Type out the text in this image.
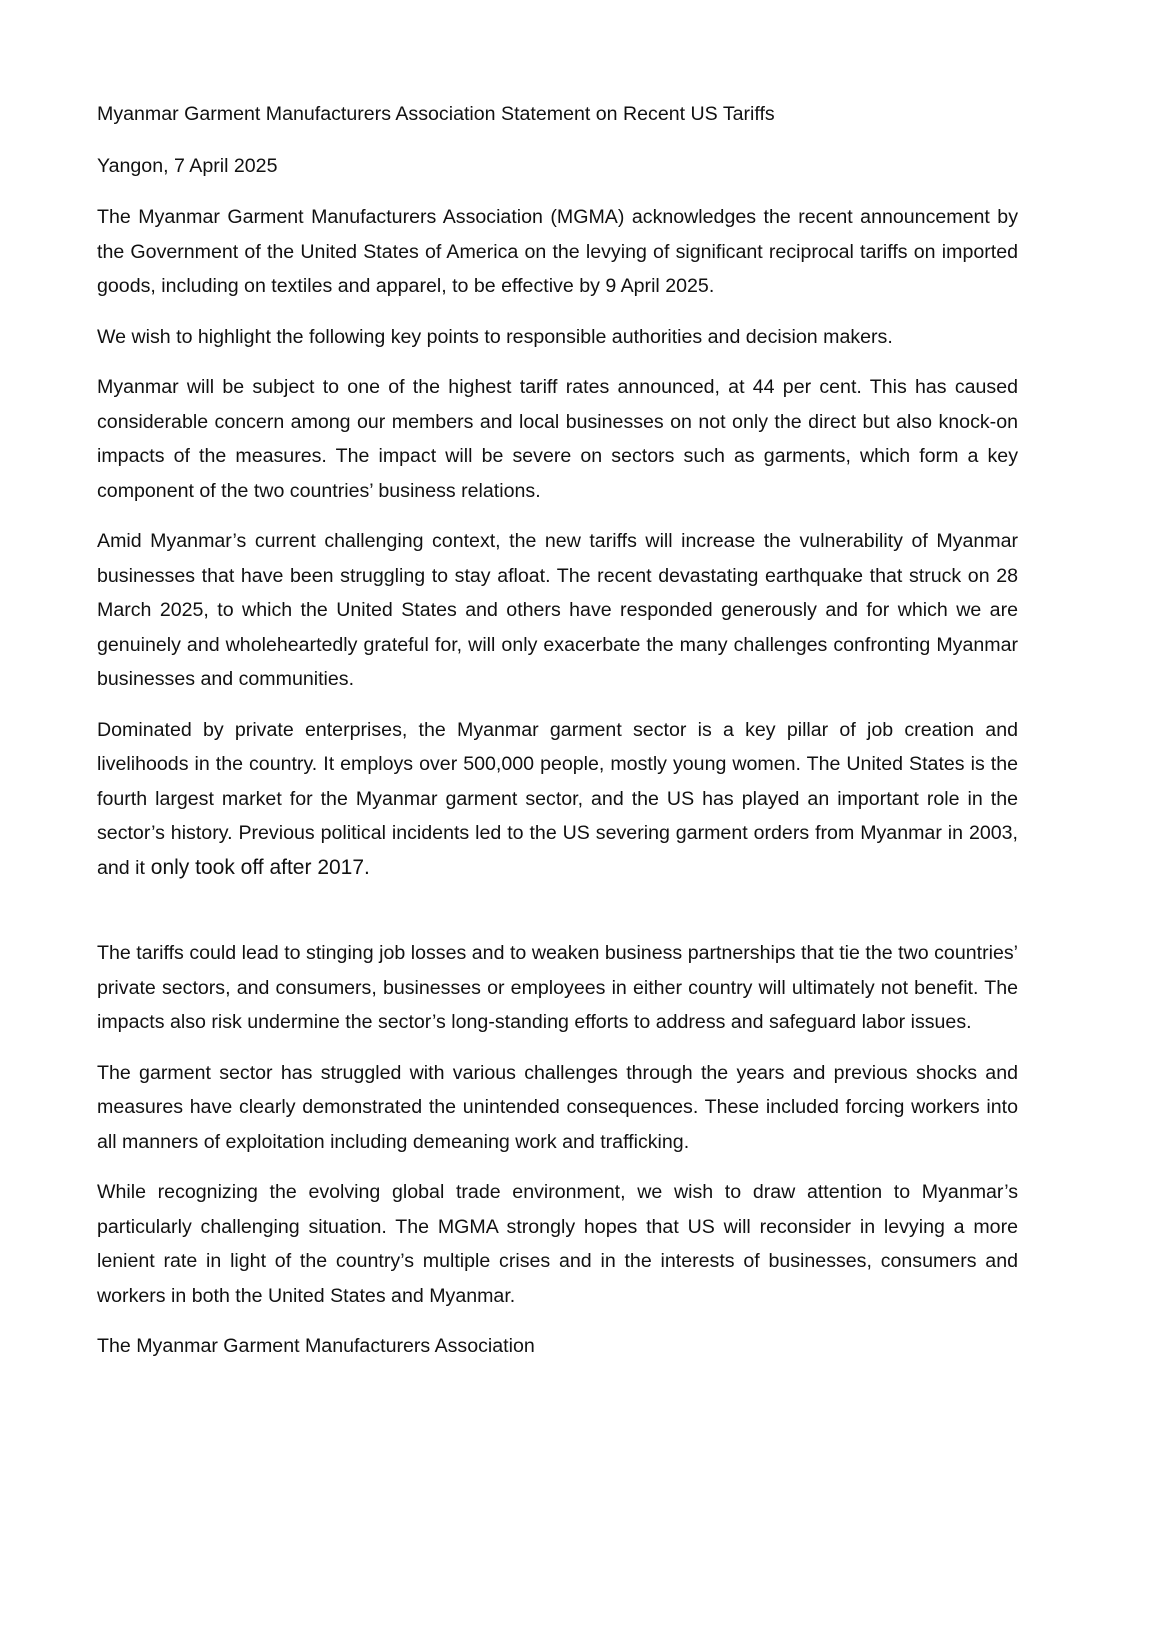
Myanmar Garment Manufacturers Association Statement on Recent US Tariffs

Yangon, 7 April 2025

The Myanmar Garment Manufacturers Association (MGMA) acknowledges the recent announcement by the Government of the United States of America on the levying of significant reciprocal tariffs on imported goods, including on textiles and apparel, to be effective by 9 April 2025.

We wish to highlight the following key points to responsible authorities and decision makers.

Myanmar will be subject to one of the highest tariff rates announced, at 44 per cent. This has caused considerable concern among our members and local businesses on not only the direct but also knock-on impacts of the measures. The impact will be severe on sectors such as garments, which form a key component of the two countries’ business relations.

Amid Myanmar’s current challenging context, the new tariffs will increase the vulnerability of Myanmar businesses that have been struggling to stay afloat. The recent devastating earthquake that struck on 28 March 2025, to which the United States and others have responded generously and for which we are genuinely and wholeheartedly grateful for, will only exacerbate the many challenges confronting Myanmar businesses and communities.

Dominated by private enterprises, the Myanmar garment sector is a key pillar of job creation and livelihoods in the country. It employs over 500,000 people, mostly young women. The United States is the fourth largest market for the Myanmar garment sector, and the US has played an important role in the sector’s history. Previous political incidents led to the US severing garment orders from Myanmar in 2003, and it only took off after 2017.

The tariffs could lead to stinging job losses and to weaken business partnerships that tie the two countries’ private sectors, and consumers, businesses or employees in either country will ultimately not benefit. The impacts also risk undermine the sector’s long-standing efforts to address and safeguard labor issues.

The garment sector has struggled with various challenges through the years and previous shocks and measures have clearly demonstrated the unintended consequences. These included forcing workers into all manners of exploitation including demeaning work and trafficking.

While recognizing the evolving global trade environment, we wish to draw attention to Myanmar’s particularly challenging situation. The MGMA strongly hopes that US will reconsider in levying a more lenient rate in light of the country’s multiple crises and in the interests of businesses, consumers and workers in both the United States and Myanmar.

The Myanmar Garment Manufacturers Association
